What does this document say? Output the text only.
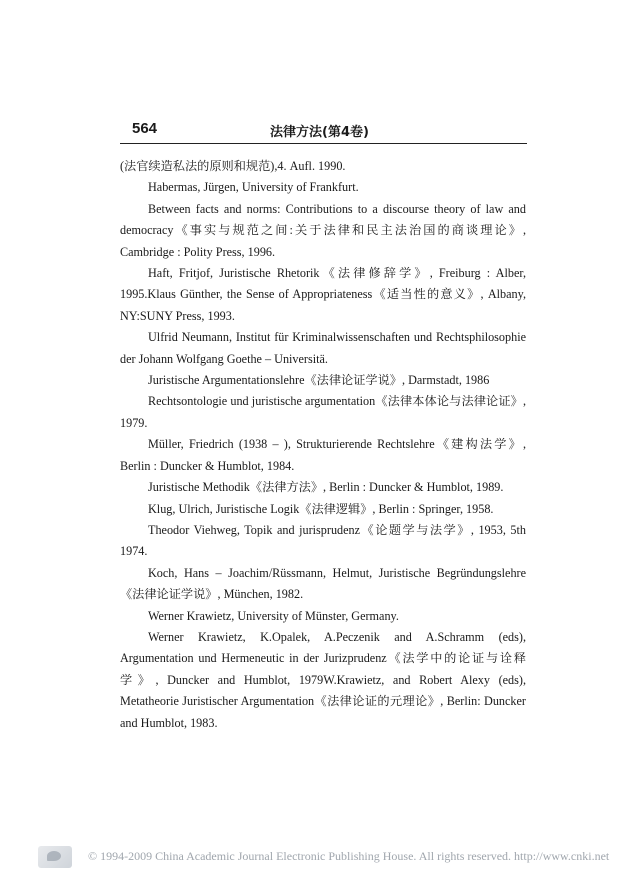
564	法律方法(第4卷)

(法官续造私法的原则和规范),4. Aufl. 1990.

Habermas, Jürgen, University of Frankfurt.

Between facts and norms: Contributions to a discourse theory of law and democracy《事实与规范之间:关于法律和民主法治国的商谈理论》, Cambridge : Polity Press, 1996.

Haft, Fritjof, Juristische Rhetorik《法律修辞学》, Freiburg : Alber, 1995.Klaus Günther, the Sense of Appropriateness《适当性的意义》, Albany, NY:SUNY Press, 1993.

Ulfrid Neumann, Institut für Kriminalwissenschaften und Rechtsphilosophie der Johann Wolfgang Goethe – Universitä.

Juristische Argumentationslehre《法律论证学说》, Darmstadt, 1986

Rechtsontologie und juristische argumentation《法律本体论与法律论证》, 1979.

Müller, Friedrich (1938 – ), Strukturierende Rechtslehre《建构法学》, Berlin : Duncker & Humblot, 1984.

Juristische Methodik《法律方法》, Berlin : Duncker & Humblot, 1989.

Klug, Ulrich, Juristische Logik《法律逻辑》, Berlin : Springer, 1958.

Theodor Viehweg, Topik and jurisprudenz《论题学与法学》, 1953, 5th 1974.

Koch, Hans – Joachim/Rüssmann, Helmut, Juristische Begründungslehre《法律论证学说》, München, 1982.

Werner Krawietz, University of Münster, Germany.

Werner Krawietz, K.Opalek, A.Peczenik and A.Schramm (eds), Argumentation und Hermeneutic in der Jurizprudenz《法学中的论证与诠释学》, Duncker and Humblot, 1979W.Krawietz, and Robert Alexy (eds), Metatheorie Juristischer Argumentation《法律论证的元理论》, Berlin: Duncker and Humblot, 1983.

© 1994-2009 China Academic Journal Electronic Publishing House. All rights reserved. http://www.cnki.net
